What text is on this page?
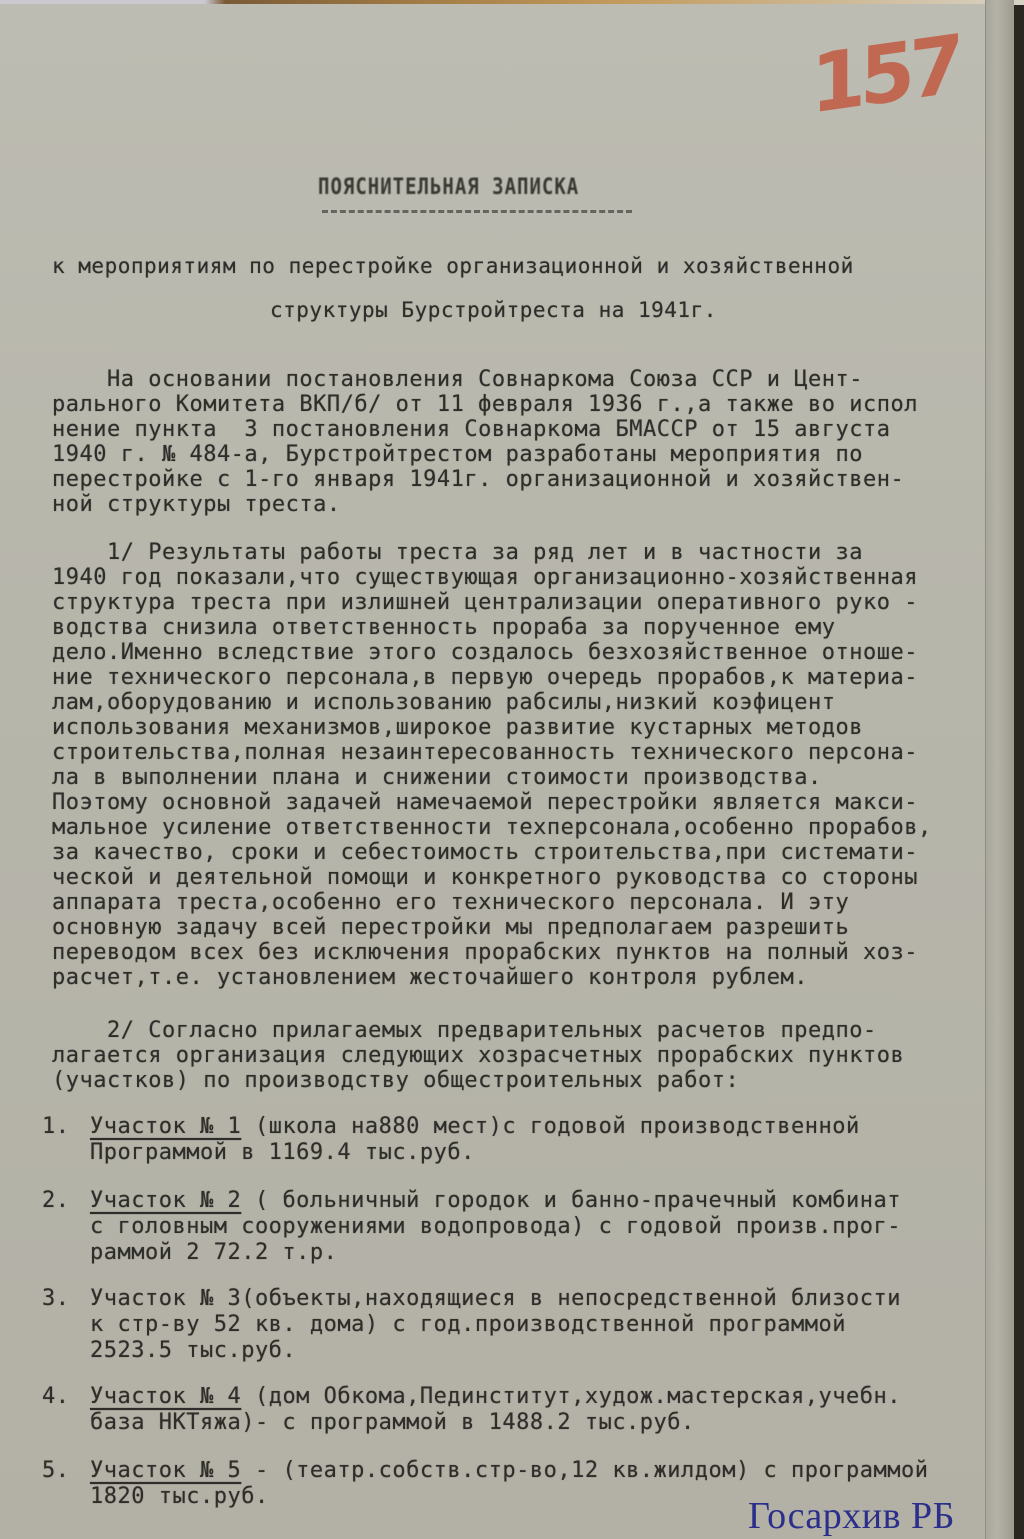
157
ПОЯСНИТЕЛЬНАЯ ЗАПИСКА
к мероприятиям по перестройке организационной и хозяйственной
структуры Бурстройтреста на 1941г.
На основании постановления Совнаркома Союза ССР и Цент-
рального Комитета ВКП/б/ от 11 февраля 1936 г.,а также во испол
нение пункта  3 постановления Совнаркома БМАССР от 15 августа
1940 г. № 484-а, Бурстройтрестом разработаны мероприятия по
перестройке с 1-го января 1941г. организационной и хозяйствен-
ной структуры треста.
1/ Результаты работы треста за ряд лет и в частности за
1940 год показали,что существующая организационно-хозяйственная
структура треста при излишней централизации оперативного руко -
водства снизила ответственность прораба за порученное ему
дело.Именно вследствие этого создалось безхозяйственное отноше-
ние технического персонала,в первую очередь прорабов,к материа-
лам,оборудованию и использованию рабсилы,низкий коэфицент
использования механизмов,широкое развитие кустарных методов
строительства,полная незаинтересованность технического персона-
ла в выполнении плана и снижении стоимости производства.
Поэтому основной задачей намечаемой перестройки является макси-
мальное усиление ответственности техперсонала,особенно прорабов,
за качество, сроки и себестоимость строительства,при системати-
ческой и деятельной помощи и конкретного руководства со стороны
аппарата треста,особенно его технического персонала. И эту
основную задачу всей перестройки мы предполагаем разрешить
переводом всех без исключения прорабских пунктов на полный хоз-
расчет,т.е. установлением жесточайшего контроля рублем.
2/ Согласно прилагаемых предварительных расчетов предпо-
лагается организация следующих хозрасчетных прорабских пунктов
(участков) по производству общестроительных работ:
1. Участок № 1 (школа на880 мест)с годовой производственной
Программой в 1169.4 тыс.руб.
2. Участок № 2 ( больничный городок и банно-прачечный комбинат
с головным сооружениями водопровода) с годовой произв.прог-
раммой 2 72.2 т.р.
3. Участок № 3(объекты,находящиеся в непосредственной близости
к стр-ву 52 кв. дома) с год.производственной программой
2523.5 тыс.руб.
4. Участок № 4 (дом Обкома,Пединститут,худож.мастерская,учебн.
база НКТяжа)- с программой в 1488.2 тыс.руб.
5. Участок № 5 - (театр.собств.стр-во,12 кв.жилдом) с программой
1820 тыс.руб.	Госархив РБ
